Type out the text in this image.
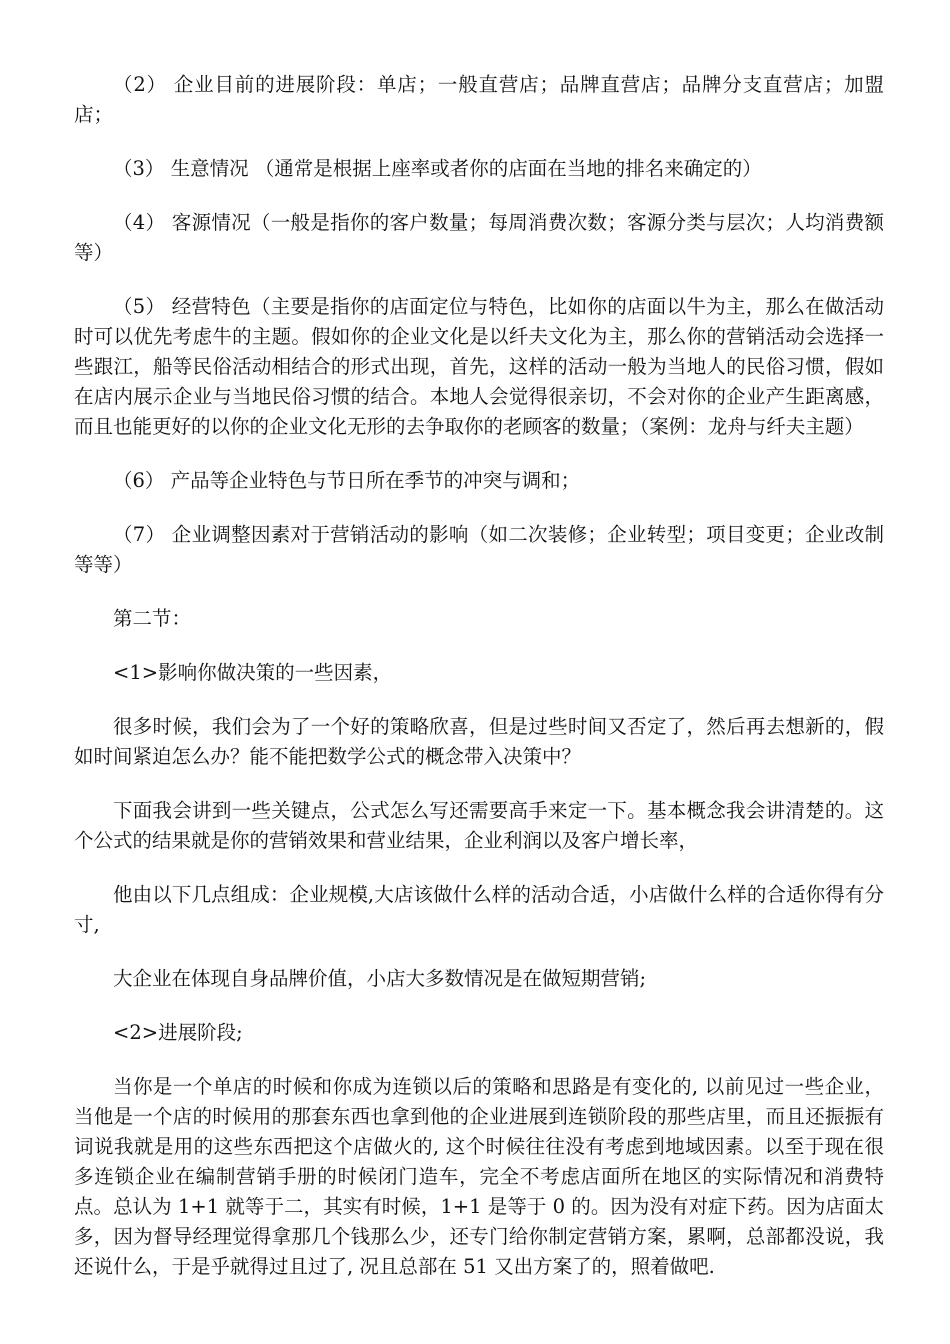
（2） 企业目前的进展阶段：单店；一般直营店；品牌直营店；品牌分支直营店；加盟店；

（3） 生意情况 （通常是根据上座率或者你的店面在当地的排名来确定的）

（4） 客源情况（一般是指你的客户数量；每周消费次数；客源分类与层次；人均消费额等）

（5） 经营特色（主要是指你的店面定位与特色，比如你的店面以牛为主，那么在做活动时可以优先考虑牛的主题。假如你的企业文化是以纤夫文化为主，那么你的营销活动会选择一些跟江，船等民俗活动相结合的形式出现，首先，这样的活动一般为当地人的民俗习惯，假如在店内展示企业与当地民俗习惯的结合。本地人会觉得很亲切，不会对你的企业产生距离感，而且也能更好的以你的企业文化无形的去争取你的老顾客的数量；（案例：龙舟与纤夫主题）

（6） 产品等企业特色与节日所在季节的冲突与调和；

（7） 企业调整因素对于营销活动的影响（如二次装修；企业转型；项目变更；企业改制等等）

第二节：

<1>影响你做决策的一些因素，

很多时候，我们会为了一个好的策略欣喜，但是过些时间又否定了，然后再去想新的，假如时间紧迫怎么办？能不能把数学公式的概念带入决策中？

下面我会讲到一些关键点，公式怎么写还需要高手来定一下。基本概念我会讲清楚的。这个公式的结果就是你的营销效果和营业结果，企业利润以及客户增长率，

他由以下几点组成：企业规模,大店该做什么样的活动合适，小店做什么样的合适你得有分寸,

大企业在体现自身品牌价值，小店大多数情况是在做短期营销;

<2>进展阶段;

当你是一个单店的时候和你成为连锁以后的策略和思路是有变化的, 以前见过一些企业，当他是一个店的时候用的那套东西也拿到他的企业进展到连锁阶段的那些店里，而且还振振有词说我就是用的这些东西把这个店做火的, 这个时候往往没有考虑到地域因素。以至于现在很多连锁企业在编制营销手册的时候闭门造车，完全不考虑店面所在地区的实际情况和消费特点。总认为 1+1 就等于二，其实有时候，1+1 是等于 0 的。因为没有对症下药。因为店面太多，因为督导经理觉得拿那几个钱那么少，还专门给你制定营销方案，累啊，总部都没说，我还说什么，于是乎就得过且过了, 况且总部在 51 又出方案了的，照着做吧.
